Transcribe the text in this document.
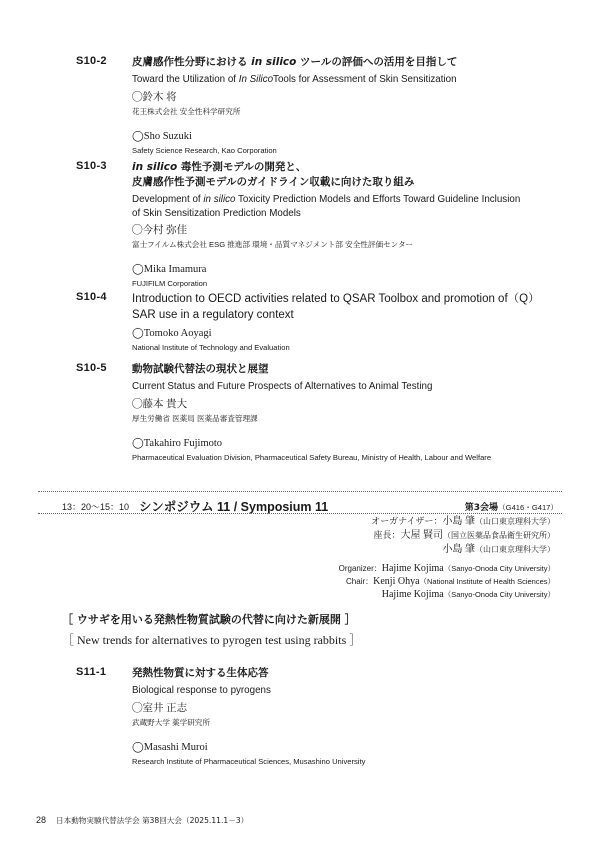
S10-2	皮膚感作性分野における in silico ツールの評価への活用を目指して
Toward the Utilization of In SilicoTools for Assessment of Skin Sensitization
◯鈴木 将
花王株式会社 安全性科学研究所
◯Sho Suzuki
Safety Science Research, Kao Corporation
S10-3	in silico 毒性予測モデルの開発と、
皮膚感作性予測モデルのガイドライン収載に向けた取り組み
Development of in silico Toxicity Prediction Models and Efforts Toward Guideline Inclusion
of Skin Sensitization Prediction Models
◯今村 弥佳
富士フイルム株式会社 ESG 推進部 環境・品質マネジメント部 安全性評価センター
◯Mika Imamura
FUJIFILM Corporation
S10-4	Introduction to OECD activities related to QSAR Toolbox and promotion of（Q）
SAR use in a regulatory context
◯Tomoko Aoyagi
National Institute of Technology and Evaluation
S10-5	動物試験代替法の現状と展望
Current Status and Future Prospects of Alternatives to Animal Testing
◯藤本 貴大
厚生労働省 医薬局 医薬品審査管理課
◯Takahiro Fujimoto
Pharmaceutical Evaluation Division, Pharmaceutical Safety Bureau, Ministry of Health, Labour and Welfare
13：20～15：10 シンポジウム 11 / Symposium 11	第3会場（G416・G417）
オーガナイザー：小島 肇（山口東京理科大学）
座長：大屋 賢司（国立医薬品食品衛生研究所）
小島 肇（山口東京理科大学）
Organizer：Hajime Kojima（Sanyo-Onoda City University）
Chair：Kenji Ohya（National Institute of Health Sciences）
Hajime Kojima（Sanyo-Onoda City University）
［ ウサギを用いる発熱性物質試験の代替に向けた新展開 ］
［ New trends for alternatives to pyrogen test using rabbits ］
S11-1	発熱性物質に対する生体応答
Biological response to pyrogens
◯室井 正志
武蔵野大学 薬学研究所
◯Masashi Muroi
Research Institute of Pharmaceutical Sciences, Musashino University
28 日本動物実験代替法学会 第38回大会（2025.11.1－3）
